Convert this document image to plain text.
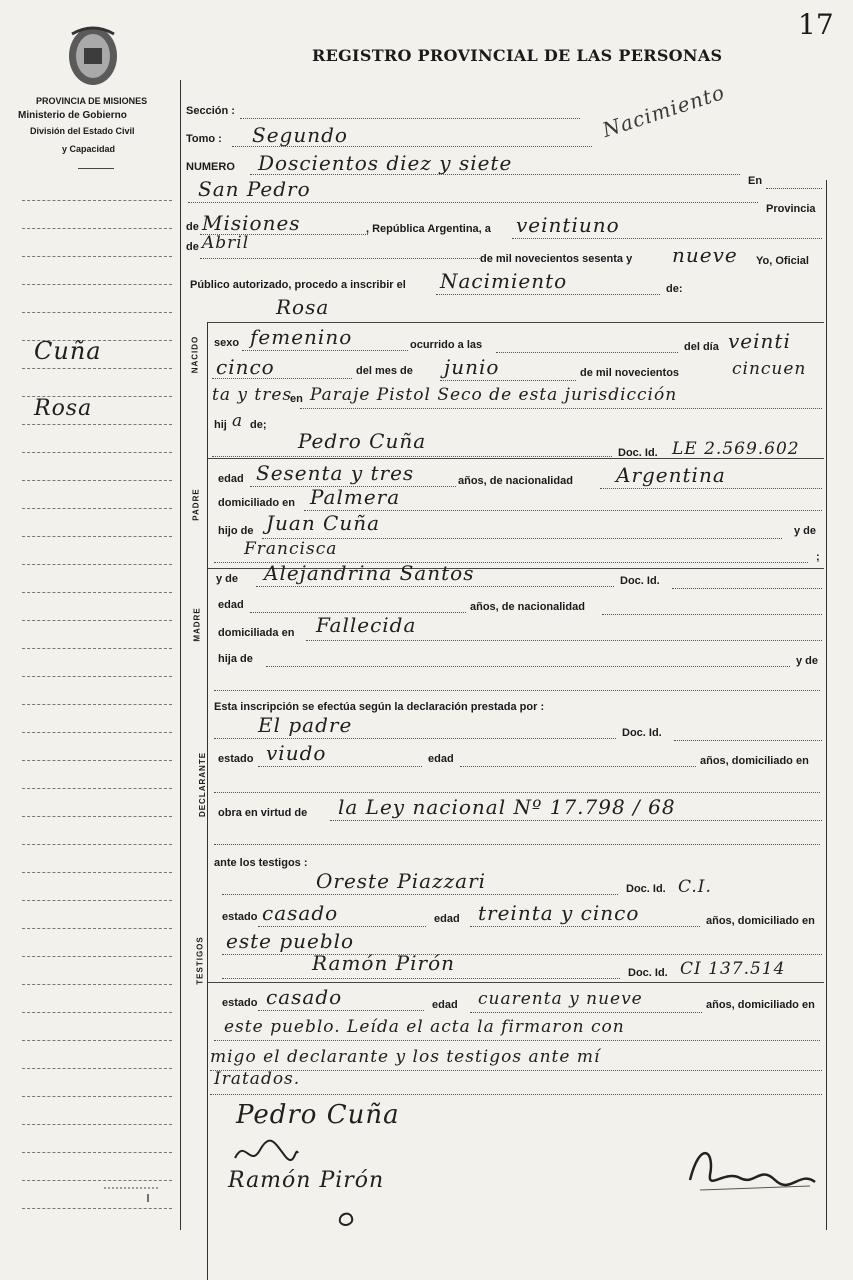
17
REGISTRO PROVINCIAL DE LAS PERSONAS
PROVINCIA DE MISIONES
Ministerio de Gobierno
División del Estado Civil
y Capacidad
Nacimiento
Cuña
Rosa
Sección :
Tomo : Segundo
NUMERO Doscientos diez y siete
En
San Pedro
Provincia
de Misiones	, República Argentina, a veintiuno
de Abril
de mil novecientos sesenta y nueve Yo, Oficial
Público autorizado, procedo a inscribir el Nacimiento	de:
Rosa
NACIDO sexo femenino	ocurrido a las	del día veinti
cinco	del mes de junio	de mil novecientos	cincuen
ta y tres
en Paraje Pistol Seco de esta jurisdicción
hij a de;
Pedro Cuña	Doc. Id. LE 2.569.602
PADRE
edad Sesenta y tres	años, de nacionalidad Argentina
domiciliado en Palmera
hijo de Juan Cuña	y de
Francisca	;
y de Alejandrina Santos	Doc. Id.
MADRE
edad	años, de nacionalidad
domiciliada en Fallecida
hija de	y de
Esta inscripción se efectúa según la declaración prestada por :
El padre	Doc. Id.
DECLARANTE estado viudo	edad	años, domiciliado en
obra en virtud de la Ley nacional Nº 17.798 / 68
ante los testigos :
Oreste Piazzari	Doc. Id. C.I.
TESTIGOS
estado casado	edad treinta y cinco	años, domiciliado en
este pueblo
Ramón Pirón	Doc. Id. CI 137.514
estado casado	edad cuarenta y nueve	años, domiciliado en
este pueblo. Leída el acta la firmaron con
migo el declarante y los testigos ante mí
Iratados.
Pedro Cuña
Ramón Pirón
